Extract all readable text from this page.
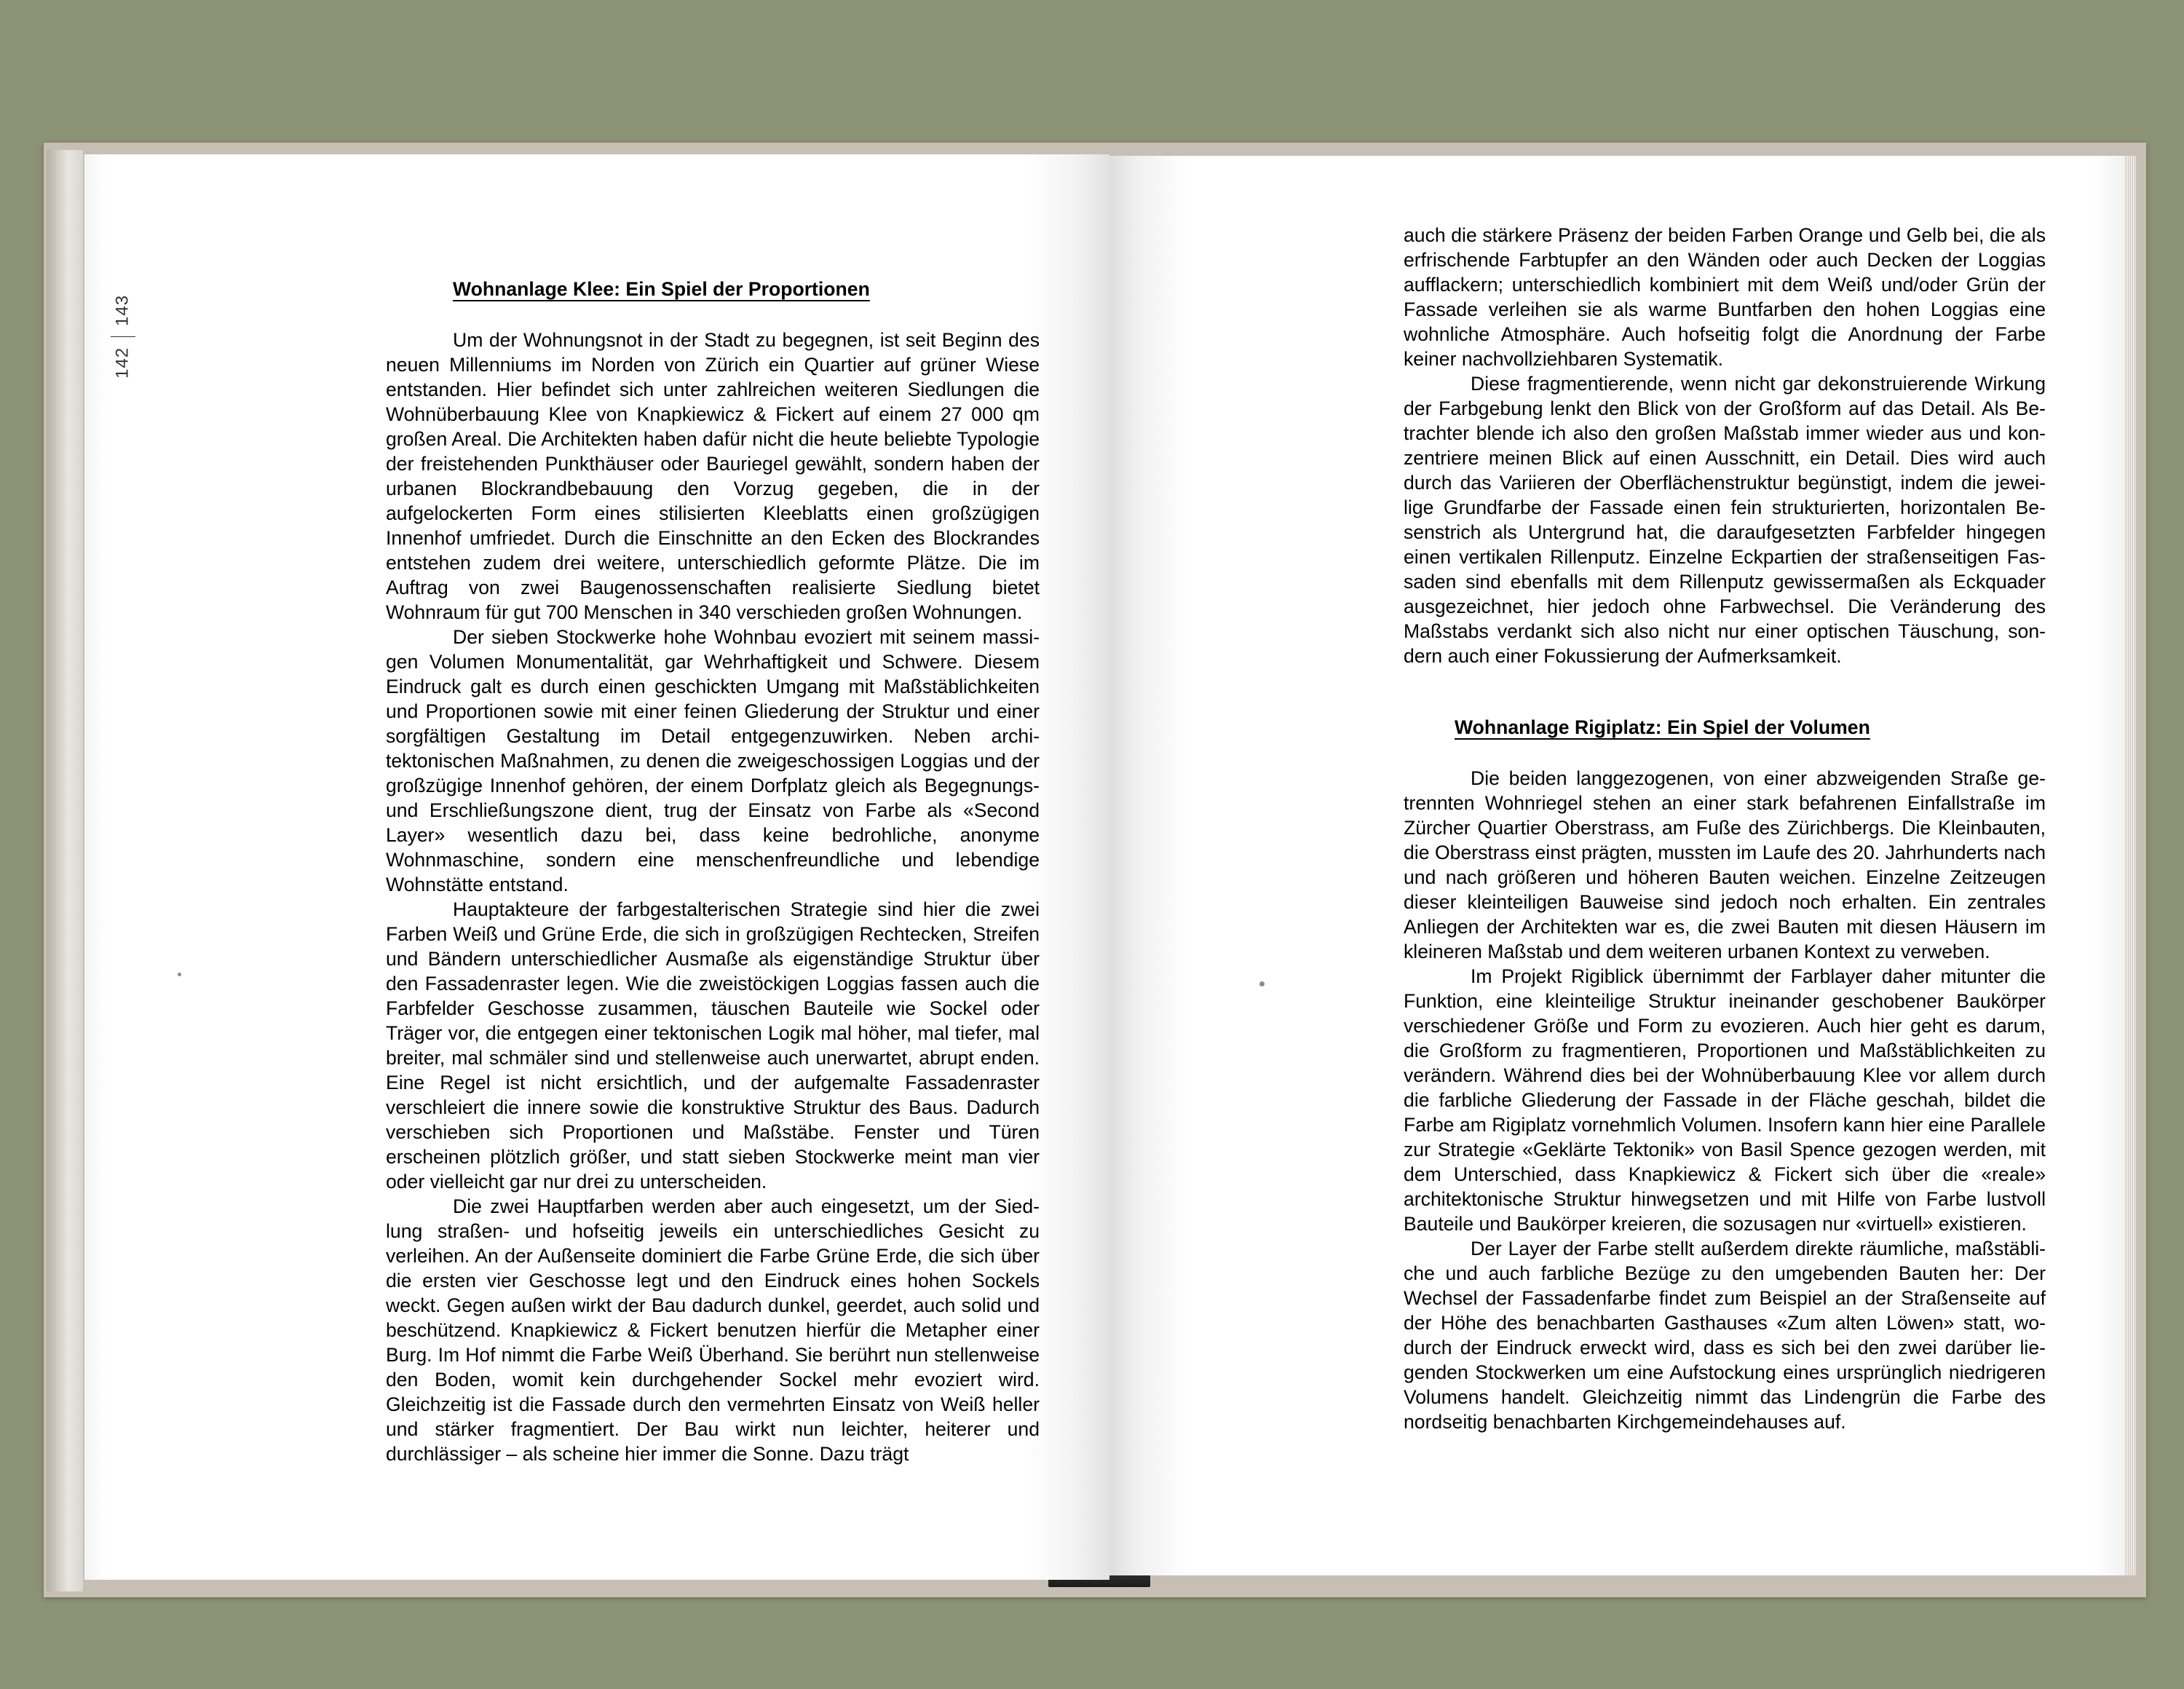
142143

Wohnanlage Klee: Ein Spiel der Proportionen

Um der Wohnungsnot in der Stadt zu begegnen, ist seit Beginn des neuen Millenniums im Norden von Zürich ein Quartier auf grüner Wiese entstanden. Hier befindet sich unter zahlreichen weiteren Siedlungen die Wohnüberbauung Klee von Knapkiewicz & Fickert auf einem 27 000 qm großen Areal. Die Architekten haben dafür nicht die heute beliebte Typologie der freistehenden Punkthäuser oder Bauriegel gewählt, sondern haben der urbanen Blockrandbebauung den Vorzug gegeben, die in der aufgelockerten Form eines stilisierten Kleeblatts einen großzügigen Innenhof umfriedet. Durch die Einschnitte an den Ecken des Blockrandes entstehen zudem drei weitere, unterschiedlich geformte Plätze. Die im Auftrag von zwei Baugenossenschaften realisierte Siedlung bietet Wohnraum für gut 700 Menschen in 340 verschieden großen Wohnungen.

Der sieben Stockwerke hohe Wohnbau evoziert mit seinem massigen Volumen Monumentalität, gar Wehrhaftigkeit und Schwere. Diesem Eindruck galt es durch einen geschickten Umgang mit Maßstäblichkeiten und Proportionen sowie mit einer feinen Gliederung der Struktur und einer sorgfältigen Gestaltung im Detail entgegenzuwirken. Neben architektonischen Maßnahmen, zu denen die zweigeschossigen Loggias und der großzügige Innenhof gehören, der einem Dorfplatz gleich als Begegnungs- und Erschließungszone dient, trug der Einsatz von Farbe als «Second Layer» wesentlich dazu bei, dass keine bedrohliche, anonyme Wohnmaschine, sondern eine menschenfreundliche und lebendige Wohnstätte entstand.

Hauptakteure der farbgestalterischen Strategie sind hier die zwei Farben Weiß und Grüne Erde, die sich in großzügigen Rechtecken, Streifen und Bändern unterschiedlicher Ausmaße als eigenständige Struktur über den Fassadenraster legen. Wie die zweistöckigen Loggias fassen auch die Farbfelder Geschosse zusammen, täuschen Bauteile wie Sockel oder Träger vor, die entgegen einer tektonischen Logik mal höher, mal tiefer, mal breiter, mal schmäler sind und stellenweise auch unerwartet, abrupt enden. Eine Regel ist nicht ersichtlich, und der aufgemalte Fassadenraster verschleiert die innere sowie die konstruktive Struktur des Baus. Dadurch verschieben sich Proportionen und Maßstäbe. Fenster und Türen erscheinen plötzlich größer, und statt sieben Stockwerke meint man vier oder vielleicht gar nur drei zu unterscheiden.

Die zwei Hauptfarben werden aber auch eingesetzt, um der Siedlung straßen- und hofseitig jeweils ein unterschiedliches Gesicht zu verleihen. An der Außenseite dominiert die Farbe Grüne Erde, die sich über die ersten vier Geschosse legt und den Eindruck eines hohen Sockels weckt. Gegen außen wirkt der Bau dadurch dunkel, geerdet, auch solid und beschützend. Knapkiewicz & Fickert benutzen hierfür die Metapher einer Burg. Im Hof nimmt die Farbe Weiß Überhand. Sie berührt nun stellenweise den Boden, womit kein durchgehender Sockel mehr evoziert wird. Gleichzeitig ist die Fassade durch den vermehrten Einsatz von Weiß heller und stärker fragmentiert. Der Bau wirkt nun leichter, heiterer und durchlässiger – als scheine hier immer die Sonne. Dazu trägt

auch die stärkere Präsenz der beiden Farben Orange und Gelb bei, die als erfrischende Farbtupfer an den Wänden oder auch Decken der Loggias aufflackern; unterschiedlich kombiniert mit dem Weiß und/oder Grün der Fassade verleihen sie als warme Buntfarben den hohen Loggias eine wohnliche Atmosphäre. Auch hofseitig folgt die Anordnung der Farbe keiner nachvollziehbaren Systematik.

Diese fragmentierende, wenn nicht gar dekonstruierende Wirkung der Farbgebung lenkt den Blick von der Großform auf das Detail. Als Betrachter blende ich also den großen Maßstab immer wieder aus und konzentriere meinen Blick auf einen Ausschnitt, ein Detail. Dies wird auch durch das Variieren der Oberflächenstruktur begünstigt, indem die jeweilige Grundfarbe der Fassade einen fein strukturierten, horizontalen Besenstrich als Untergrund hat, die daraufgesetzten Farbfelder hingegen einen vertikalen Rillenputz. Einzelne Eckpartien der straßenseitigen Fassaden sind ebenfalls mit dem Rillenputz gewissermaßen als Eckquader ausgezeichnet, hier jedoch ohne Farbwechsel. Die Veränderung des Maßstabs verdankt sich also nicht nur einer optischen Täuschung, sondern auch einer Fokussierung der Aufmerksamkeit.

Wohnanlage Rigiplatz: Ein Spiel der Volumen

Die beiden langgezogenen, von einer abzweigenden Straße getrennten Wohnriegel stehen an einer stark befahrenen Einfallstraße im Zürcher Quartier Oberstrass, am Fuße des Zürichbergs. Die Kleinbauten, die Oberstrass einst prägten, mussten im Laufe des 20. Jahrhunderts nach und nach größeren und höheren Bauten weichen. Einzelne Zeitzeugen dieser kleinteiligen Bauweise sind jedoch noch erhalten. Ein zentrales Anliegen der Architekten war es, die zwei Bauten mit diesen Häusern im kleineren Maßstab und dem weiteren urbanen Kontext zu verweben.

Im Projekt Rigiblick übernimmt der Farblayer daher mitunter die Funktion, eine kleinteilige Struktur ineinander geschobener Baukörper verschiedener Größe und Form zu evozieren. Auch hier geht es darum, die Großform zu fragmentieren, Proportionen und Maßstäblichkeiten zu verändern. Während dies bei der Wohnüberbauung Klee vor allem durch die farbliche Gliederung der Fassade in der Fläche geschah, bildet die Farbe am Rigiplatz vornehmlich Volumen. Insofern kann hier eine Parallele zur Strategie «Geklärte Tektonik» von Basil Spence gezogen werden, mit dem Unterschied, dass Knapkiewicz & Fickert sich über die «reale» architektonische Struktur hinwegsetzen und mit Hilfe von Farbe lustvoll Bauteile und Baukörper kreieren, die sozusagen nur «virtuell» existieren.

Der Layer der Farbe stellt außerdem direkte räumliche, maßstäbliche und auch farbliche Bezüge zu den umgebenden Bauten her: Der Wechsel der Fassadenfarbe findet zum Beispiel an der Straßenseite auf der Höhe des benachbarten Gasthauses «Zum alten Löwen» statt, wodurch der Eindruck erweckt wird, dass es sich bei den zwei darüber liegenden Stockwerken um eine Aufstockung eines ursprünglich niedrigeren Volumens handelt. Gleichzeitig nimmt das Lindengrün die Farbe des nordseitig benachbarten Kirchgemeindehauses auf.
